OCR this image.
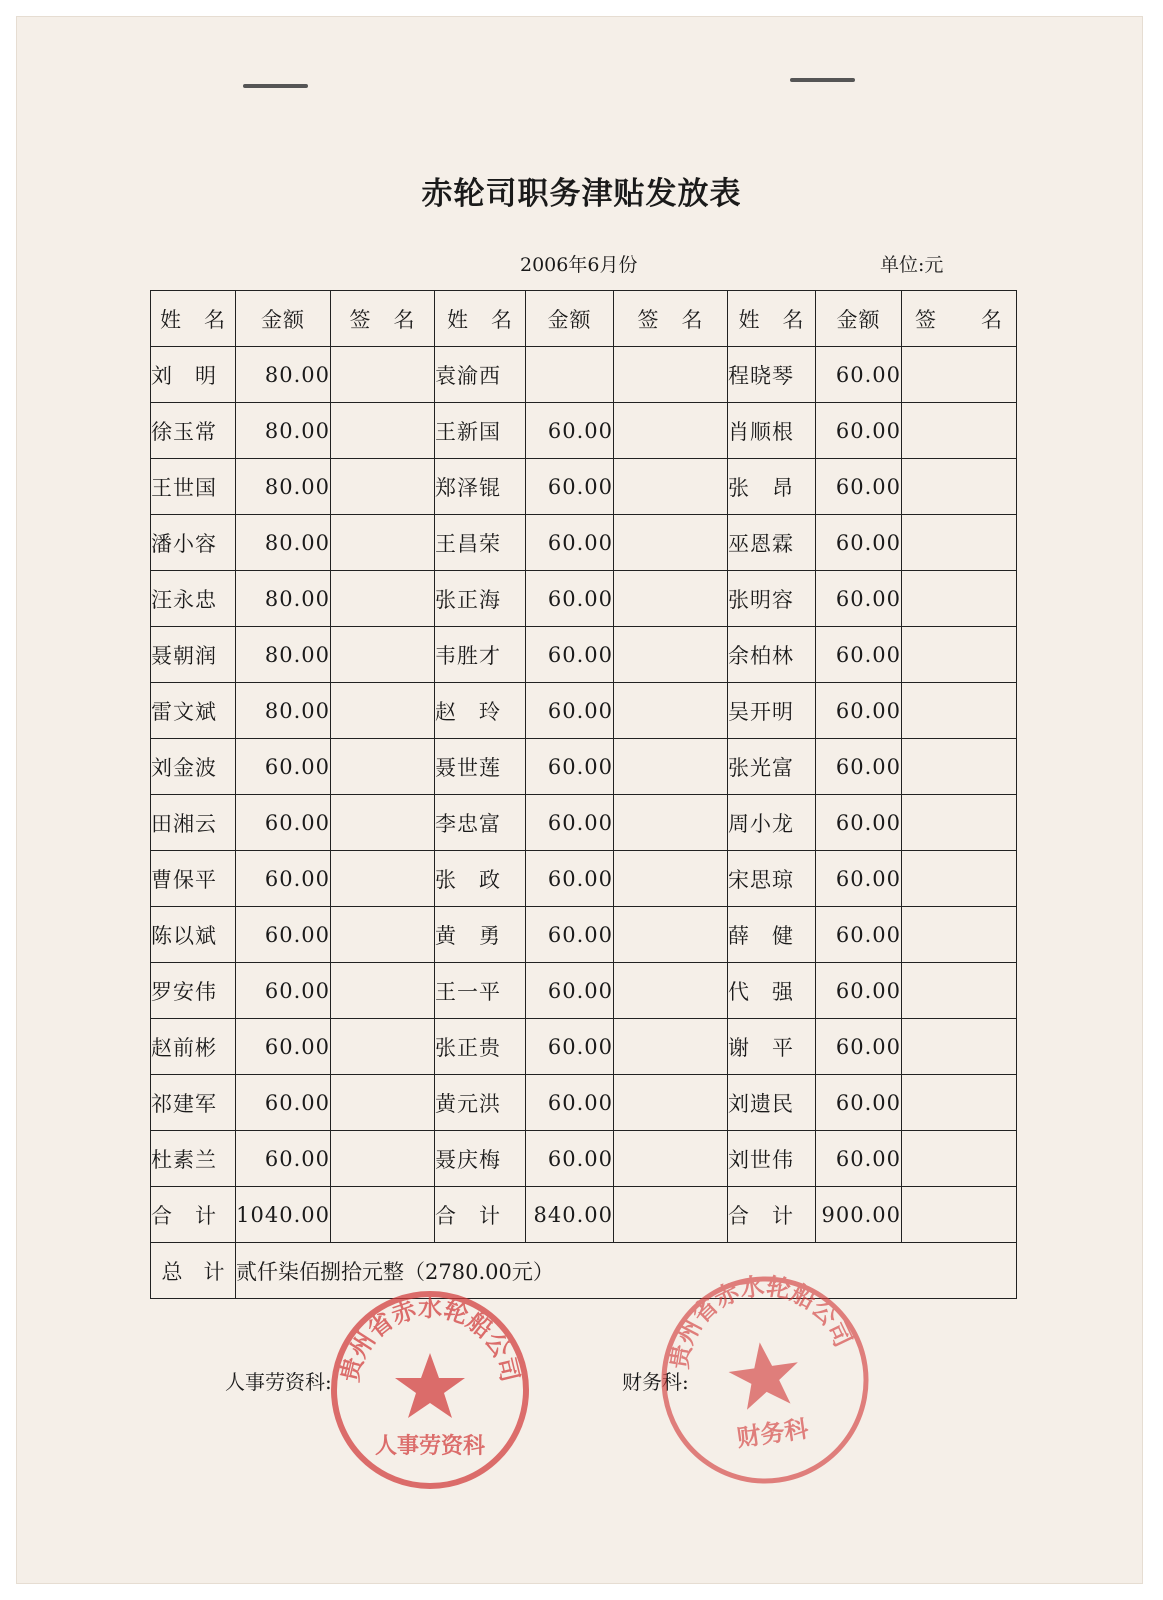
赤轮司职务津贴发放表
2006年6月份	单位:元
姓　名	金额	签　名	姓　名	金额	签　名	姓　名	金额	签　　名
刘　明	80.00		袁渝西			程晓琴	60.00	
徐玉常	80.00		王新国	60.00		肖顺根	60.00	
王世国	80.00		郑泽锟	60.00		张　昂	60.00	
潘小容	80.00		王昌荣	60.00		巫恩霖	60.00	
汪永忠	80.00		张正海	60.00		张明容	60.00	
聂朝润	80.00		韦胜才	60.00		余柏林	60.00	
雷文斌	80.00		赵　玲	60.00		吴开明	60.00	
刘金波	60.00		聂世莲	60.00		张光富	60.00	
田湘云	60.00		李忠富	60.00		周小龙	60.00	
曹保平	60.00		张　政	60.00		宋思琼	60.00	
陈以斌	60.00		黄　勇	60.00		薛　健	60.00	
罗安伟	60.00		王一平	60.00		代　强	60.00	
赵前彬	60.00		张正贵	60.00		谢　平	60.00	
祁建军	60.00		黄元洪	60.00		刘遗民	60.00	
杜素兰	60.00		聂庆梅	60.00		刘世伟	60.00	
合　计	1040.00		合　计	840.00		合　计	900.00	
总　计	贰仟柒佰捌拾元整（2780.00元）							
人事劳资科:	财务科:
贵州省赤水轮船公司
人事劳资科
贵州省赤水轮船公司
财务科
